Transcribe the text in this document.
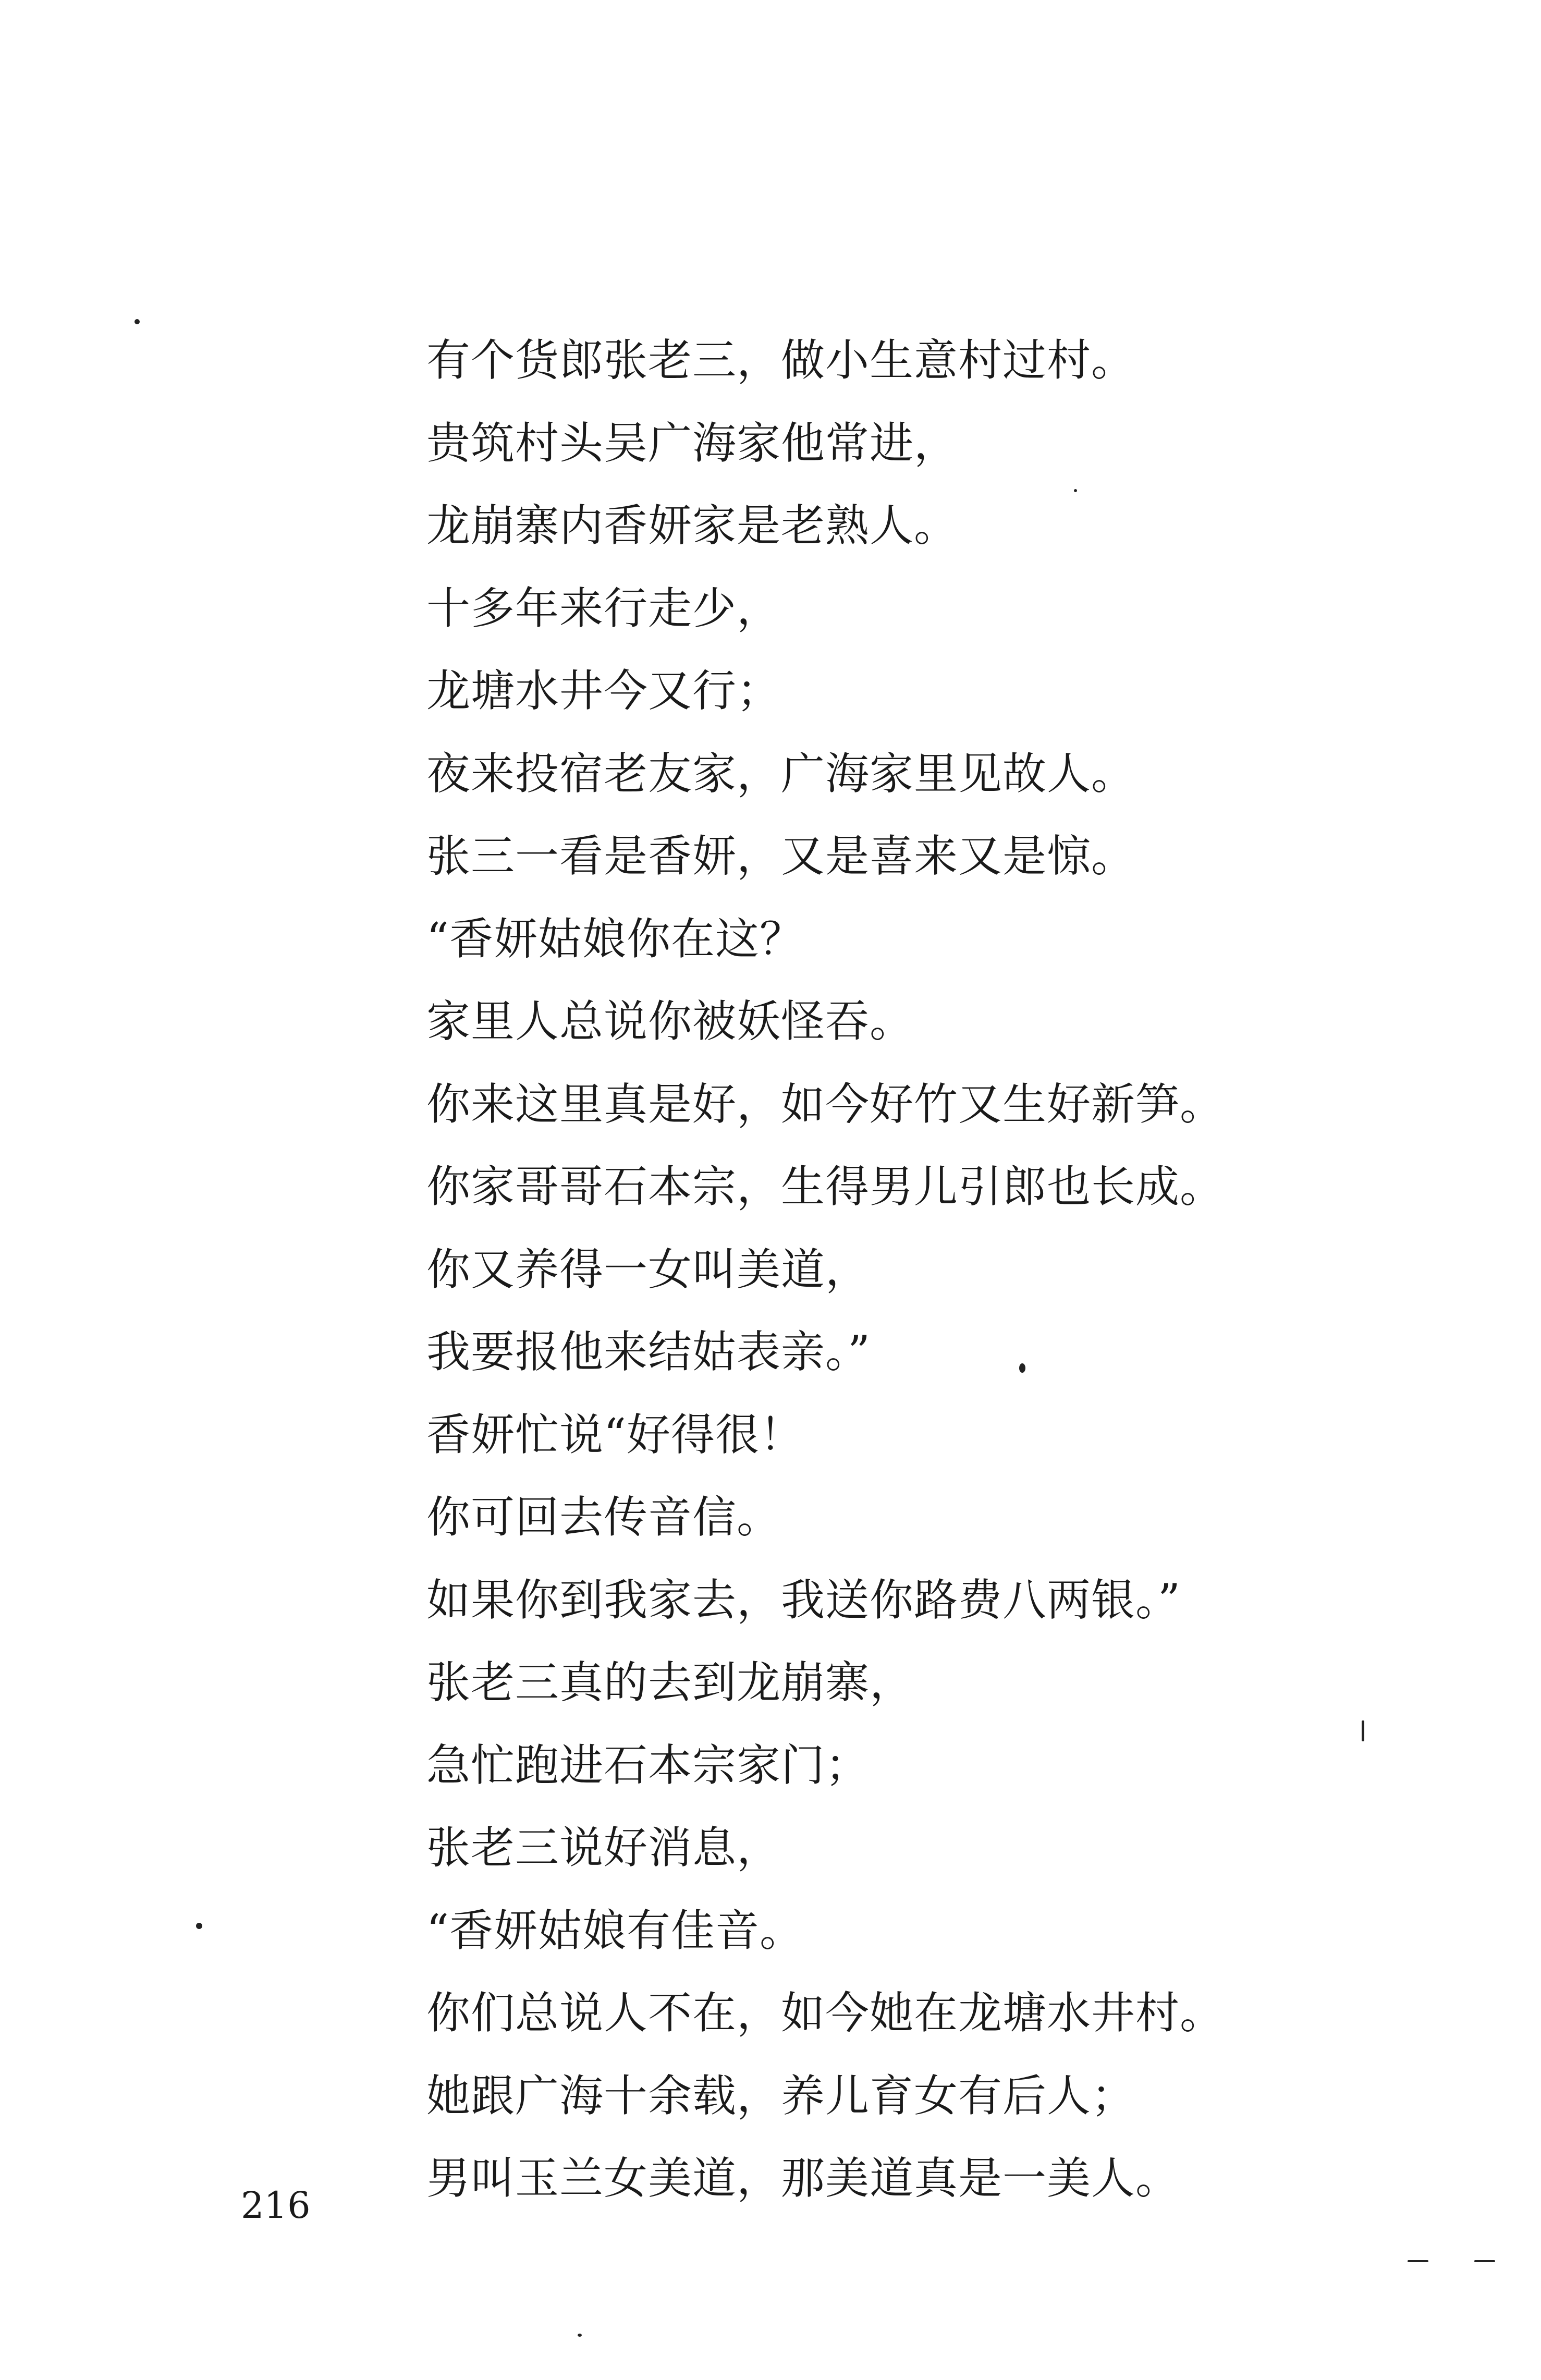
有个货郎张老三，做小生意村过村。
贵筑村头吴广海家他常进，
龙崩寨内香妍家是老熟人。
十多年来行走少，
龙塘水井今又行；
夜来投宿老友家，广海家里见故人。
张三一看是香妍，又是喜来又是惊。
“香妍姑娘你在这？
家里人总说你被妖怪吞。
你来这里真是好，如今好竹又生好新笋。
你家哥哥石本宗，生得男儿引郎也长成。
你又养得一女叫美道，
我要报他来结姑表亲。”
香妍忙说“好得很！
你可回去传音信。
如果你到我家去，我送你路费八两银。”
张老三真的去到龙崩寨，
急忙跑进石本宗家门；
张老三说好消息，
“香妍姑娘有佳音。
你们总说人不在，如今她在龙塘水井村。
她跟广海十余载，养儿育女有后人；
男叫玉兰女美道，那美道真是一美人。
216
